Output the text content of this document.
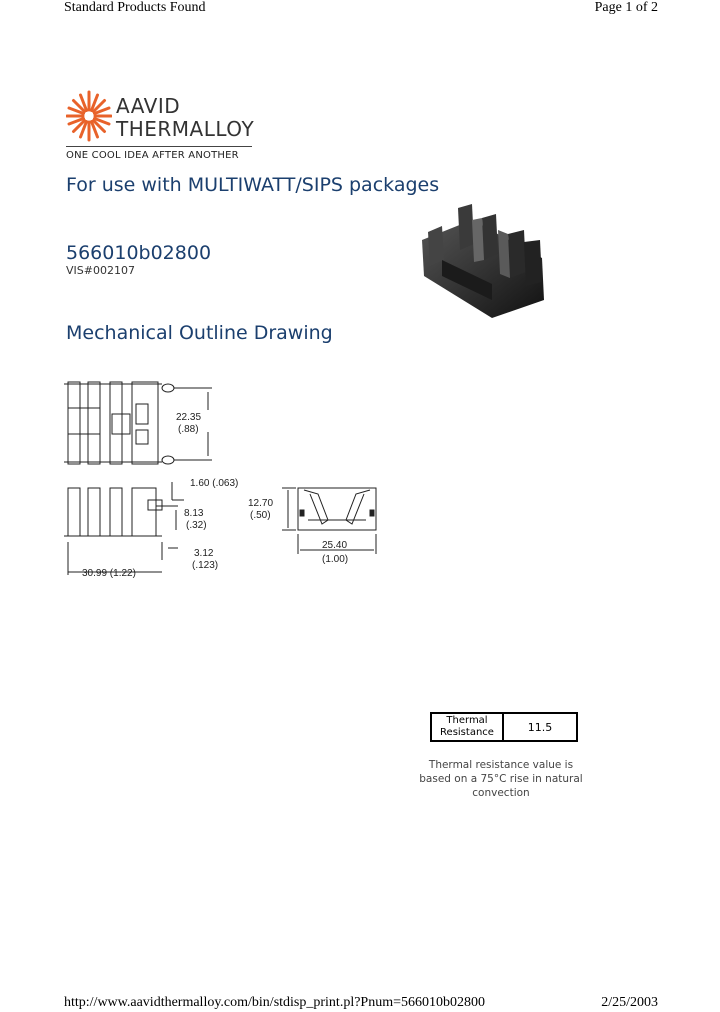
Standard Products Found	Page 1 of 2
AAVID
THERMALLOY
ONE COOL IDEA AFTER ANOTHER
For use with MULTIWATT/SIPS packages
566010b02800
VIS#002107
Mechanical Outline Drawing
22.35
(.88)
1.60 (.063)
8.13
(.32)
3.12
(.123)
30.99 (1.22)
12.70
(.50)
25.40
(1.00)
Thermal
Resistance	11.5
Thermal resistance value is based on a 75°C rise in natural convection
http://www.aavidthermalloy.com/bin/stdisp_print.pl?Pnum=566010b02800	2/25/2003
